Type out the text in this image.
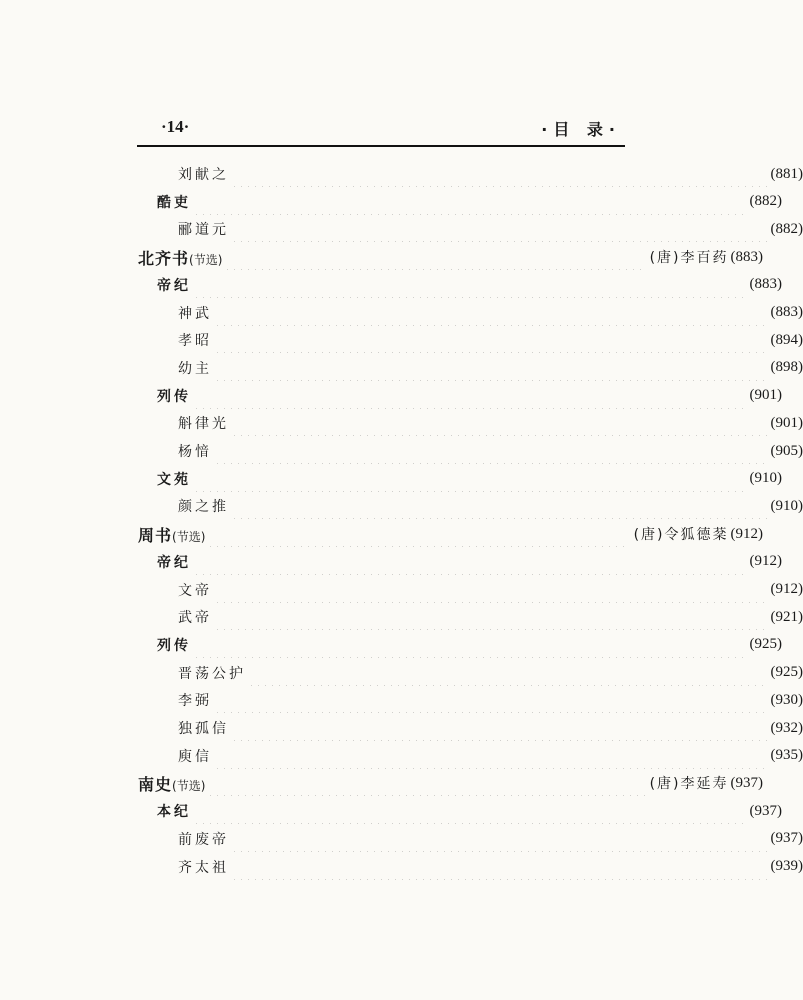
·14·	·目 录·
刘献之	(881)
酷吏	(882)
郦道元	(882)
北齐书(节选)	(唐)李百药 (883)
帝纪	(883)
神武	(883)
孝昭	(894)
幼主	(898)
列传	(901)
斛律光	(901)
杨愔	(905)
文苑	(910)
颜之推	(910)
周书(节选)	(唐)令狐德棻 (912)
帝纪	(912)
文帝	(912)
武帝	(921)
列传	(925)
晋荡公护	(925)
李弼	(930)
独孤信	(932)
庾信	(935)
南史(节选)	(唐)李延寿 (937)
本纪	(937)
前废帝	(937)
齐太祖	(939)
